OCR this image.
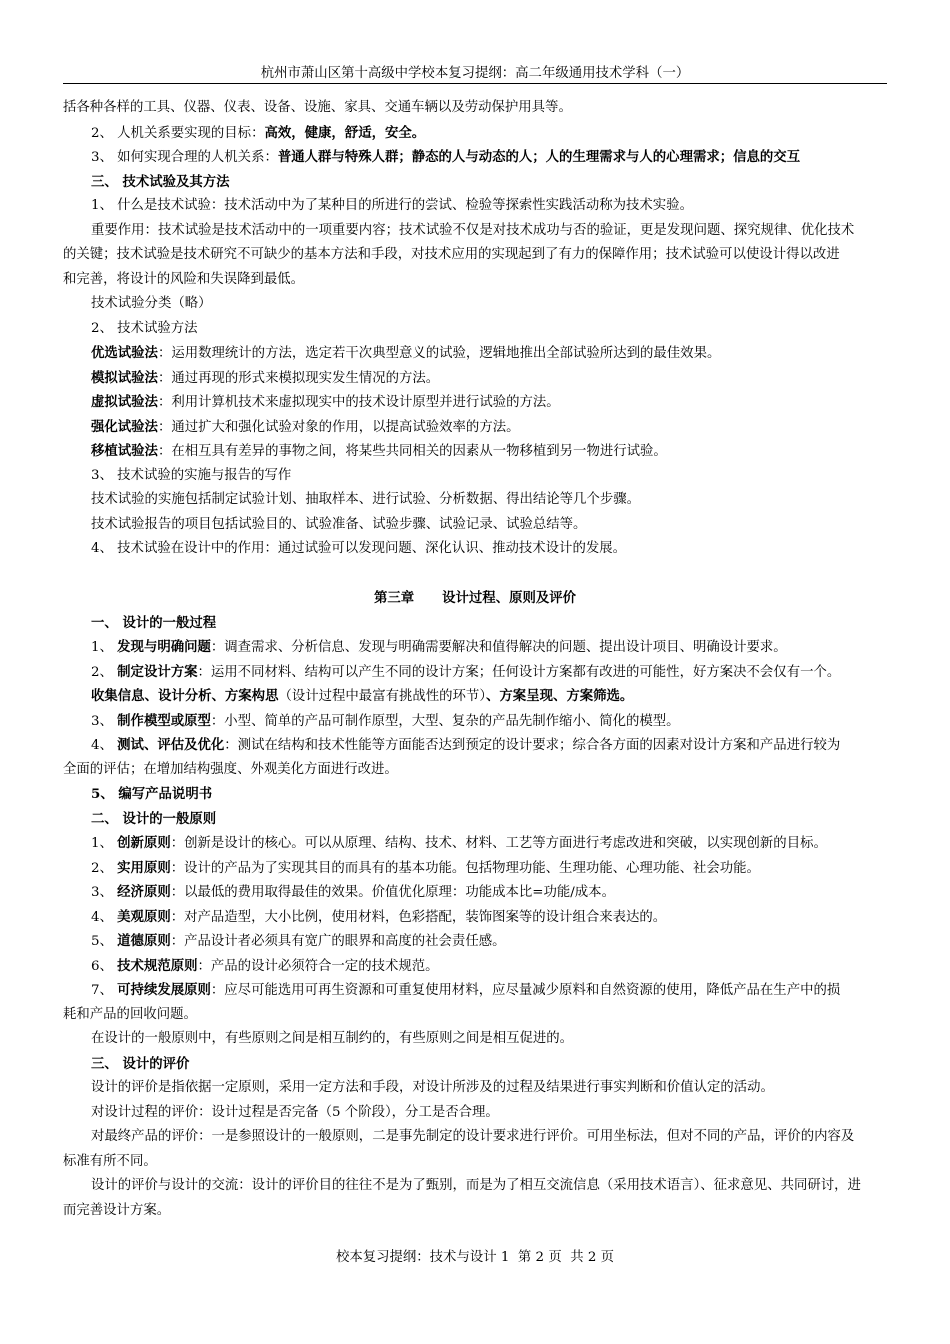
杭州市萧山区第十高级中学校本复习提纲：高二年级通用技术学科（一）
括各种各样的工具、仪器、仪表、设备、设施、家具、交通车辆以及劳动保护用具等。
2、 人机关系要实现的目标：高效，健康，舒适，安全。
3、 如何实现合理的人机关系：普通人群与特殊人群；静态的人与动态的人；人的生理需求与人的心理需求；信息的交互
三、 技术试验及其方法
1、 什么是技术试验：技术活动中为了某种目的所进行的尝试、检验等探索性实践活动称为技术实验。
重要作用：技术试验是技术活动中的一项重要内容；技术试验不仅是对技术成功与否的验证，更是发现问题、探究规律、优化技术
的关键；技术试验是技术研究不可缺少的基本方法和手段，对技术应用的实现起到了有力的保障作用；技术试验可以使设计得以改进
和完善，将设计的风险和失误降到最低。
技术试验分类（略）
2、 技术试验方法
优选试验法：运用数理统计的方法，选定若干次典型意义的试验，逻辑地推出全部试验所达到的最佳效果。
模拟试验法：通过再现的形式来模拟现实发生情况的方法。
虚拟试验法：利用计算机技术来虚拟现实中的技术设计原型并进行试验的方法。
强化试验法：通过扩大和强化试验对象的作用，以提高试验效率的方法。
移植试验法：在相互具有差异的事物之间，将某些共同相关的因素从一物移植到另一物进行试验。
3、 技术试验的实施与报告的写作
技术试验的实施包括制定试验计划、抽取样本、进行试验、分析数据、得出结论等几个步骤。
技术试验报告的项目包括试验目的、试验准备、试验步骤、试验记录、试验总结等。
4、 技术试验在设计中的作用：通过试验可以发现问题、深化认识、推动技术设计的发展。
第三章      设计过程、原则及评价
一、 设计的一般过程
1、 发现与明确问题：调查需求、分析信息、发现与明确需要解决和值得解决的问题、提出设计项目、明确设计要求。
2、 制定设计方案：运用不同材料、结构可以产生不同的设计方案；任何设计方案都有改进的可能性，好方案决不会仅有一个。
收集信息、设计分析、方案构思（设计过程中最富有挑战性的环节）、方案呈现、方案筛选。
3、 制作模型或原型：小型、简单的产品可制作原型，大型、复杂的产品先制作缩小、简化的模型。
4、 测试、评估及优化：测试在结构和技术性能等方面能否达到预定的设计要求；综合各方面的因素对设计方案和产品进行较为
全面的评估；在增加结构强度、外观美化方面进行改进。
5、 编写产品说明书
二、 设计的一般原则
1、 创新原则：创新是设计的核心。可以从原理、结构、技术、材料、工艺等方面进行考虑改进和突破，以实现创新的目标。
2、 实用原则：设计的产品为了实现其目的而具有的基本功能。包括物理功能、生理功能、心理功能、社会功能。
3、 经济原则：以最低的费用取得最佳的效果。价值优化原理：功能成本比=功能/成本。
4、 美观原则：对产品造型，大小比例，使用材料，色彩搭配，装饰图案等的设计组合来表达的。
5、 道德原则：产品设计者必须具有宽广的眼界和高度的社会责任感。
6、 技术规范原则：产品的设计必须符合一定的技术规范。
7、 可持续发展原则：应尽可能选用可再生资源和可重复使用材料，应尽量减少原料和自然资源的使用，降低产品在生产中的损
耗和产品的回收问题。
在设计的一般原则中，有些原则之间是相互制约的，有些原则之间是相互促进的。
三、 设计的评价
设计的评价是指依据一定原则，采用一定方法和手段，对设计所涉及的过程及结果进行事实判断和价值认定的活动。
对设计过程的评价：设计过程是否完备（5 个阶段），分工是否合理。
对最终产品的评价：一是参照设计的一般原则，二是事先制定的设计要求进行评价。可用坐标法，但对不同的产品，评价的内容及
标准有所不同。
设计的评价与设计的交流：设计的评价目的往往不是为了甄别，而是为了相互交流信息（采用技术语言）、征求意见、共同研讨，进
而完善设计方案。
校本复习提纲：技术与设计 1  第 2 页  共 2 页
